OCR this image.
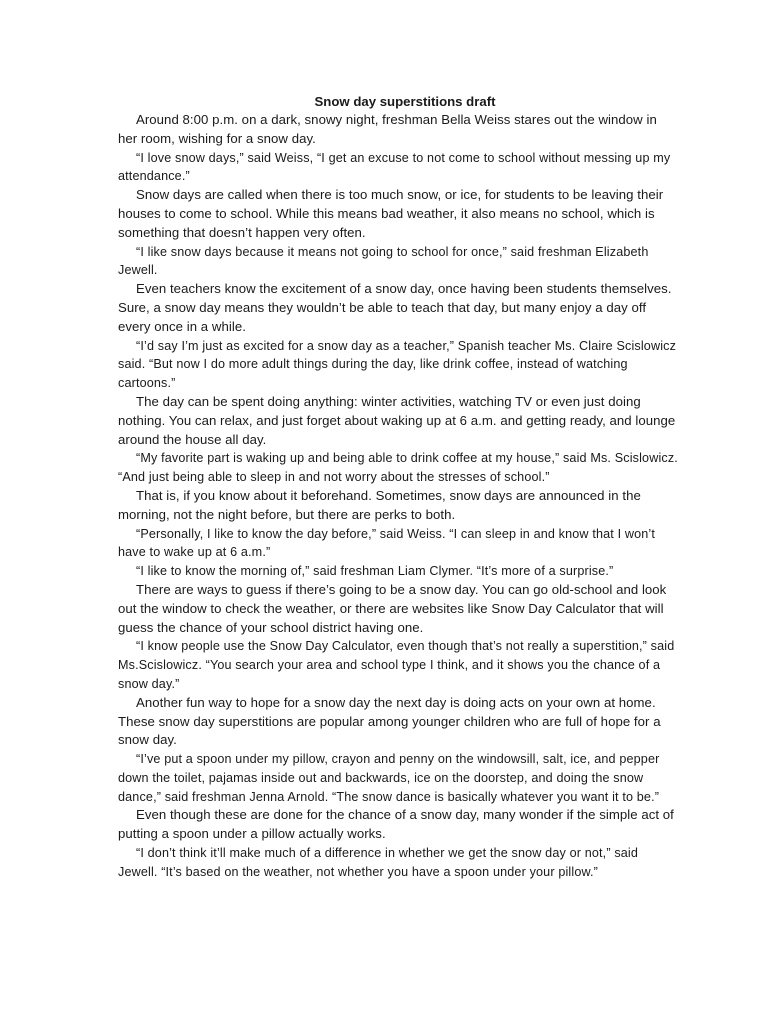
Snow day superstitions draft

Around 8:00 p.m. on a dark, snowy night, freshman Bella Weiss stares out the window in her room, wishing for a snow day.

“I love snow days,” said Weiss, “I get an excuse to not come to school without messing up my attendance.”

Snow days are called when there is too much snow, or ice, for students to be leaving their houses to come to school. While this means bad weather, it also means no school, which is something that doesn’t happen very often.

“I like snow days because it means not going to school for once,” said freshman Elizabeth Jewell.

Even teachers know the excitement of a snow day, once having been students themselves. Sure, a snow day means they wouldn’t be able to teach that day, but many enjoy a day off every once in a while.

“I’d say I’m just as excited for a snow day as a teacher,” Spanish teacher Ms. Claire Scislowicz said. “But now I do more adult things during the day, like drink coffee, instead of watching cartoons.”

The day can be spent doing anything: winter activities, watching TV or even just doing nothing. You can relax, and just forget about waking up at 6 a.m. and getting ready, and lounge around the house all day.

“My favorite part is waking up and being able to drink coffee at my house,” said Ms. Scislowicz. “And just being able to sleep in and not worry about the stresses of school.”

That is, if you know about it beforehand. Sometimes, snow days are announced in the morning, not the night before, but there are perks to both.

“Personally, I like to know the day before,” said Weiss. “I can sleep in and know that I won’t have to wake up at 6 a.m.”

“I like to know the morning of,” said freshman Liam Clymer. “It’s more of a surprise.”

There are ways to guess if there’s going to be a snow day. You can go old-school and look out the window to check the weather, or there are websites like Snow Day Calculator that will guess the chance of your school district having one.

“I know people use the Snow Day Calculator, even though that’s not really a superstition,” said Ms.Scislowicz. “You search your area and school type I think, and it shows you the chance of a snow day.”

Another fun way to hope for a snow day the next day is doing acts on your own at home. These snow day superstitions are popular among younger children who are full of hope for a snow day.

“I’ve put a spoon under my pillow, crayon and penny on the windowsill, salt, ice, and pepper down the toilet, pajamas inside out and backwards, ice on the doorstep, and doing the snow dance,” said freshman Jenna Arnold. “The snow dance is basically whatever you want it to be.”

Even though these are done for the chance of a snow day, many wonder if the simple act of putting a spoon under a pillow actually works.

“I don’t think it’ll make much of a difference in whether we get the snow day or not,” said Jewell. “It’s based on the weather, not whether you have a spoon under your pillow.”
